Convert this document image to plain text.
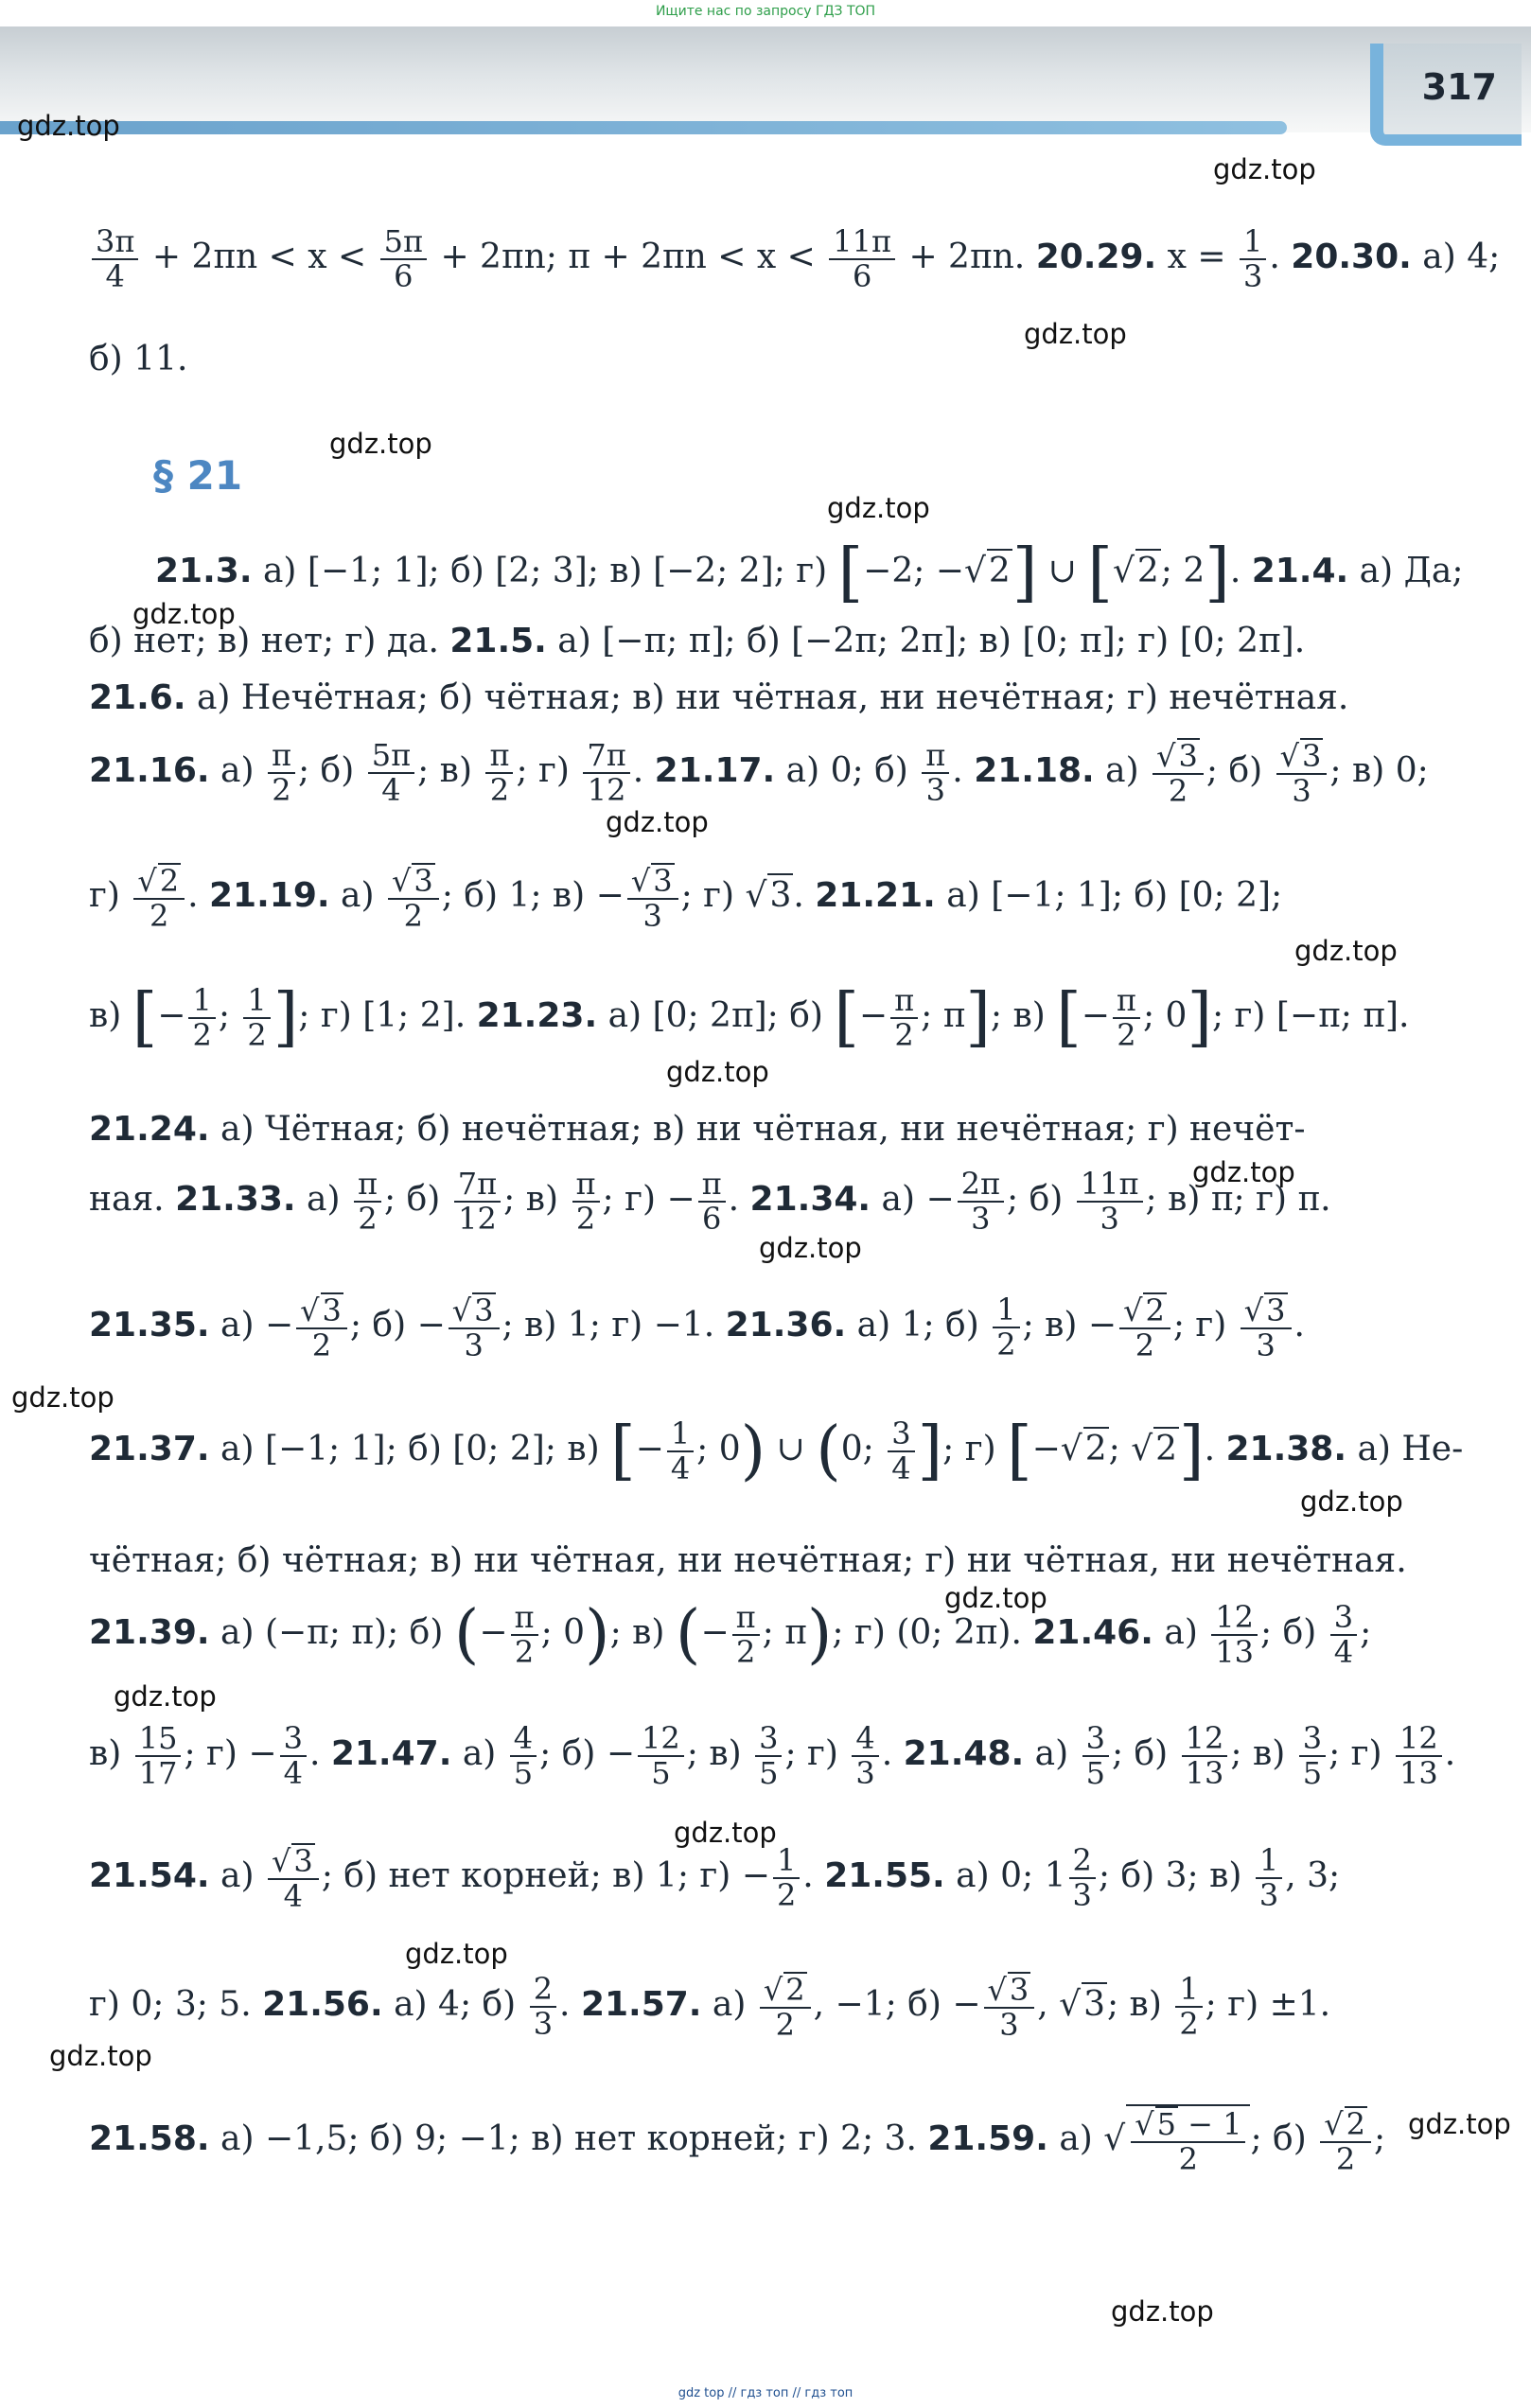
Ищите нас по запросу ГДЗ ТОП
317
gdz.top
gdz.top
gdz.top
gdz.top
gdz.top
gdz.top
gdz.top
gdz.top
gdz.top
gdz.top
gdz.top
gdz.top
gdz.top
gdz.top
gdz.top
gdz.top
gdz.top
gdz.top
gdz.top
gdz.top
$\frac{3\pi}{4} + 2\pi n < x < \frac{5\pi}{6} + 2\pi n$; $\pi + 2\pi n < x < \frac{11\pi}{6} + 2\pi n$. 20.29. $x = \frac{1}{3}$ . 20.30. а) 4;
б) 11.
§ 21
21.3. а) [−1; 1]; б) [2; 3]; в) [−2; 2]; г) [−2; −√2] ∪ [√2; 2]. 21.4. а) Да;
б) нет; в) нет; г) да. 21.5. а) [−π; π]; б) [−2π; 2π]; в) [0; π]; г) [0; 2π].
21.6. а) Нечётная; б) чётная; в) ни чётная, ни нечётная; г) нечётная.
21.16. $а) \frac{\pi}{2}$ ; $б) \frac{5\pi}{4}$ ; $в) \frac{\pi}{2}$ ; $г) \frac{7\pi}{12}$ . 21.17. а) 0; $б) \frac{\pi}{3}$ . 21.18. $а) \frac{√3}{2}$ ; $б) \frac{√3}{3}$ ; в) 0;
$г) \frac{√2}{2}$ . 21.19. $а) \frac{√3}{2}$ ; б) 1; $в) - \frac{√3}{3}$ ; г) √3. 21.21. а) [−1; 1]; б) [0; 2];
в) [− $\frac{1}{2}$ ; $\frac{1}{2}$ ]; г) [1; 2]. 21.23. а) [0; 2π]; б) [− $\frac{\pi}{2}$ ; π]; в) [− $\frac{\pi}{2}$ ; 0]; г) [−π; π].
21.24. а) Чётная; б) нечётная; в) ни чётная, ни нечётная; г) нечёт-
ная. 21.33. $а) \frac{\pi}{2}$ ; $б) \frac{7\pi}{12}$ ; $в) \frac{\pi}{2}$ ; $г) - \frac{\pi}{6}$ . 21.34. $а) - \frac{2\pi}{3}$ ; $б) \frac{11\pi}{3}$ ; в) π; г) π.
21.35. $а) - \frac{√3}{2}$ ; $б) - \frac{√3}{3}$ ; в) 1; г) −1. 21.36. а) 1; $б) \frac{1}{2}$ ; $в) - \frac{√2}{2}$ ; $г) \frac{√3}{3}$ .
21.37. а) [−1; 1]; б) [0; 2]; в) [− $\frac{1}{4}$ ; 0) ∪ (0; $\frac{3}{4}$ ]; г) [−√2; √2]. 21.38. а) Не-
чётная; б) чётная; в) ни чётная, ни нечётная; г) ни чётная, ни нечётная.
21.39. а) (−π; π); б) (− $\frac{\pi}{2}$ ; 0); в) (− $\frac{\pi}{2}$ ; π); г) (0; 2π). 21.46. $а) \frac{12}{13}$ ; $б) \frac{3}{4}$ ;
$в) \frac{15}{17}$ ; $г) - \frac{3}{4}$ . 21.47. $а) \frac{4}{5}$ ; $б) - \frac{12}{5}$ ; $в) \frac{3}{5}$ ; $г) \frac{4}{3}$ . 21.48. $а) \frac{3}{5}$ ; $б) \frac{12}{13}$ ; $в) \frac{3}{5}$ ; $г) \frac{12}{13}$ .
21.54. $а) \frac{√3}{4}$ ; б) нет корней; в) 1; $г) - \frac{1}{2}$ . 21.55. а) 0; $1 \frac{2}{3}$ ; б) 3; $в) \frac{1}{3}$ , 3;
г) 0; 3; 5. 21.56. а) 4; $б) \frac{2}{3}$ . 21.57. $а) \frac{√2}{2}$ , −1; $б) - \frac{√3}{3}$ , √3; $в) \frac{1}{2}$ ; г) ±1.
21.58. а) −1,5; б) 9; −1; в) нет корней; г) 2; 3. 21.59. а) √ $\frac{√5 - 1}{2}$ ; $б) \frac{√2}{2}$ ;
gdz top // гдз топ // гдз топ
